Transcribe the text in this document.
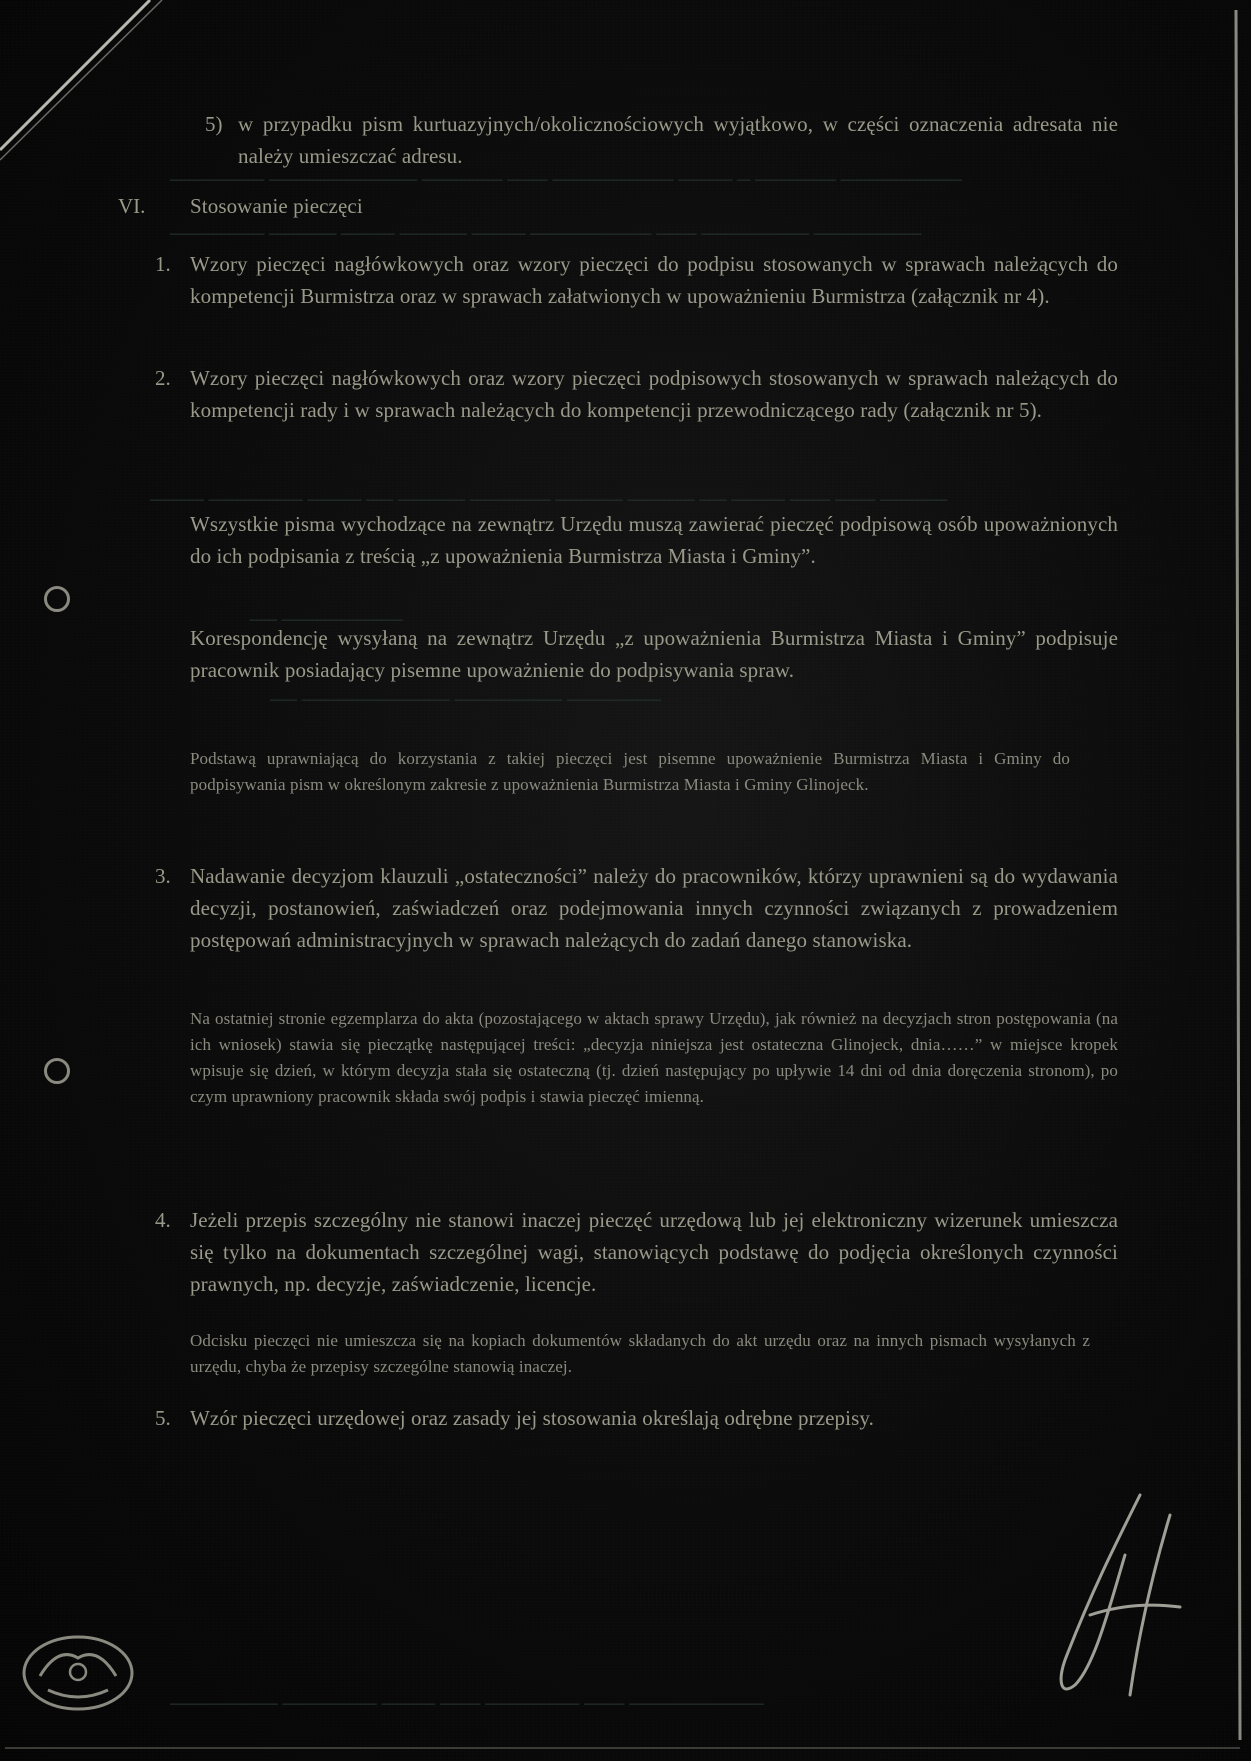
─────── ─────────── ────── ─── ───────── ──── ─ ────── ─────────
─────── ───── ──── ───── ──── ───────── ─── ──────── ────────
──── ─────── ──── ── ───── ────── ───── ───── ── ──── ─── ─── ─────
── ─────────
── ─────────── ──────── ───────
──────── ─────── ──── ─── ─────── ─── ──────────
5) w przypadku pism kurtuazyjnych/okolicznościowych wyjątkowo, w części oznaczenia adresata nie należy umieszczać adresu.
VI. Stosowanie pieczęci
1. Wzory pieczęci nagłówkowych oraz wzory pieczęci do podpisu stosowanych w sprawach należących do kompetencji Burmistrza oraz w sprawach załatwionych w upoważnieniu Burmistrza (załącznik nr 4).
2. Wzory pieczęci nagłówkowych oraz wzory pieczęci podpisowych stosowanych w sprawach należących do kompetencji rady i w sprawach należących do kompetencji przewodniczącego rady (załącznik nr 5).
Wszystkie pisma wychodzące na zewnątrz Urzędu muszą zawierać pieczęć podpisową osób upoważnionych do ich podpisania z treścią „z upoważnienia Burmistrza Miasta i Gminy”.
Korespondencję wysyłaną na zewnątrz Urzędu „z upoważnienia Burmistrza Miasta i Gminy” podpisuje pracownik posiadający pisemne upoważnienie do podpisywania spraw.
Podstawą uprawniającą do korzystania z takiej pieczęci jest pisemne upoważnienie Burmistrza Miasta i Gminy do podpisywania pism w określonym zakresie z upoważnienia Burmistrza Miasta i Gminy Glinojeck.
3. Nadawanie decyzjom klauzuli „ostateczności” należy do pracowników, którzy uprawnieni są do wydawania decyzji, postanowień, zaświadczeń oraz podejmowania innych czynności związanych z prowadzeniem postępowań administracyjnych w sprawach należących do zadań danego stanowiska.
Na ostatniej stronie egzemplarza do akta (pozostającego w aktach sprawy Urzędu), jak również na decyzjach stron postępowania (na ich wniosek) stawia się pieczątkę następującej treści: „decyzja niniejsza jest ostateczna Glinojeck, dnia……” w miejsce kropek wpisuje się dzień, w którym decyzja stała się ostateczną (tj. dzień następujący po upływie 14 dni od dnia doręczenia stronom), po czym uprawniony pracownik składa swój podpis i stawia pieczęć imienną.
4. Jeżeli przepis szczególny nie stanowi inaczej pieczęć urzędową lub jej elektroniczny wizerunek umieszcza się tylko na dokumentach szczególnej wagi, stanowiących podstawę do podjęcia określonych czynności prawnych, np. decyzje, zaświadczenie, licencje.
Odcisku pieczęci nie umieszcza się na kopiach dokumentów składanych do akt urzędu oraz na innych pismach wysyłanych z urzędu, chyba że przepisy szczególne stanowią inaczej.
5. Wzór pieczęci urzędowej oraz zasady jej stosowania określają odrębne przepisy.
